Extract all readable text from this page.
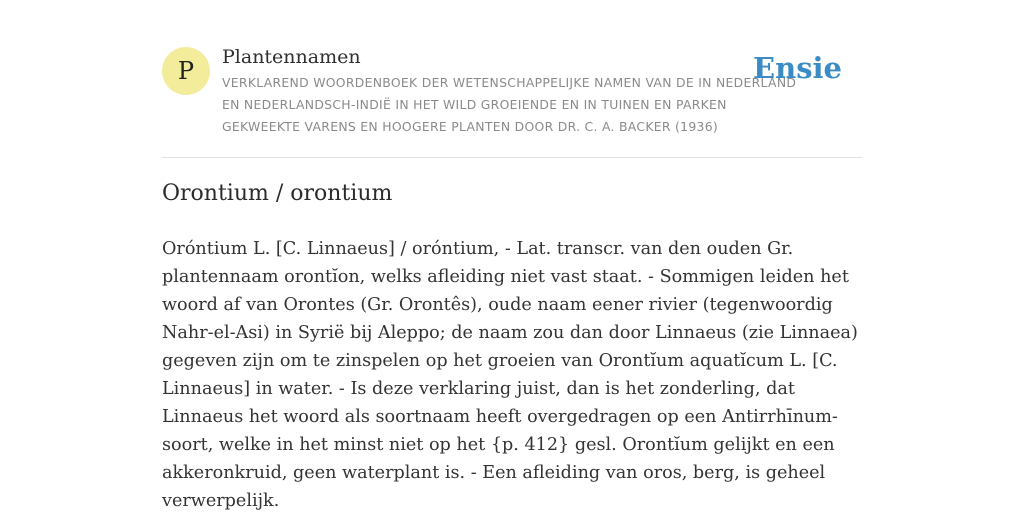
P	Plantennamen
VERKLAREND WOORDENBOEK DER WETENSCHAPPELIJKE NAMEN VAN DE IN NEDERLAND EN NEDERLANDSCH-INDIË IN HET WILD GROEIENDE EN IN TUINEN EN PARKEN GEKWEEKTE VARENS EN HOOGERE PLANTEN DOOR DR. C. A. BACKER (1936)
Ensie
Orontium / orontium
Oróntium L. [C. Linnaeus] / oróntium, - Lat. transcr. van den ouden Gr. plantennaam orontĭon, welks afleiding niet vast staat. - Sommigen leiden het woord af van Orontes (Gr. Orontês), oude naam eener rivier (tegenwoordig Nahr-el-Asi) in Syrië bij Aleppo; de naam zou dan door Linnaeus (zie Linnaea) gegeven zijn om te zinspelen op het groeien van Orontĭum aquatĭcum L. [C. Linnaeus] in water. - Is deze verklaring juist, dan is het zonderling, dat Linnaeus het woord als soortnaam heeft overgedragen op een Antirrhīnum-soort, welke in het minst niet op het {p. 412} gesl. Orontĭum gelijkt en een akkeronkruid, geen waterplant is. - Een afleiding van oros, berg, is geheel verwerpelijk.
